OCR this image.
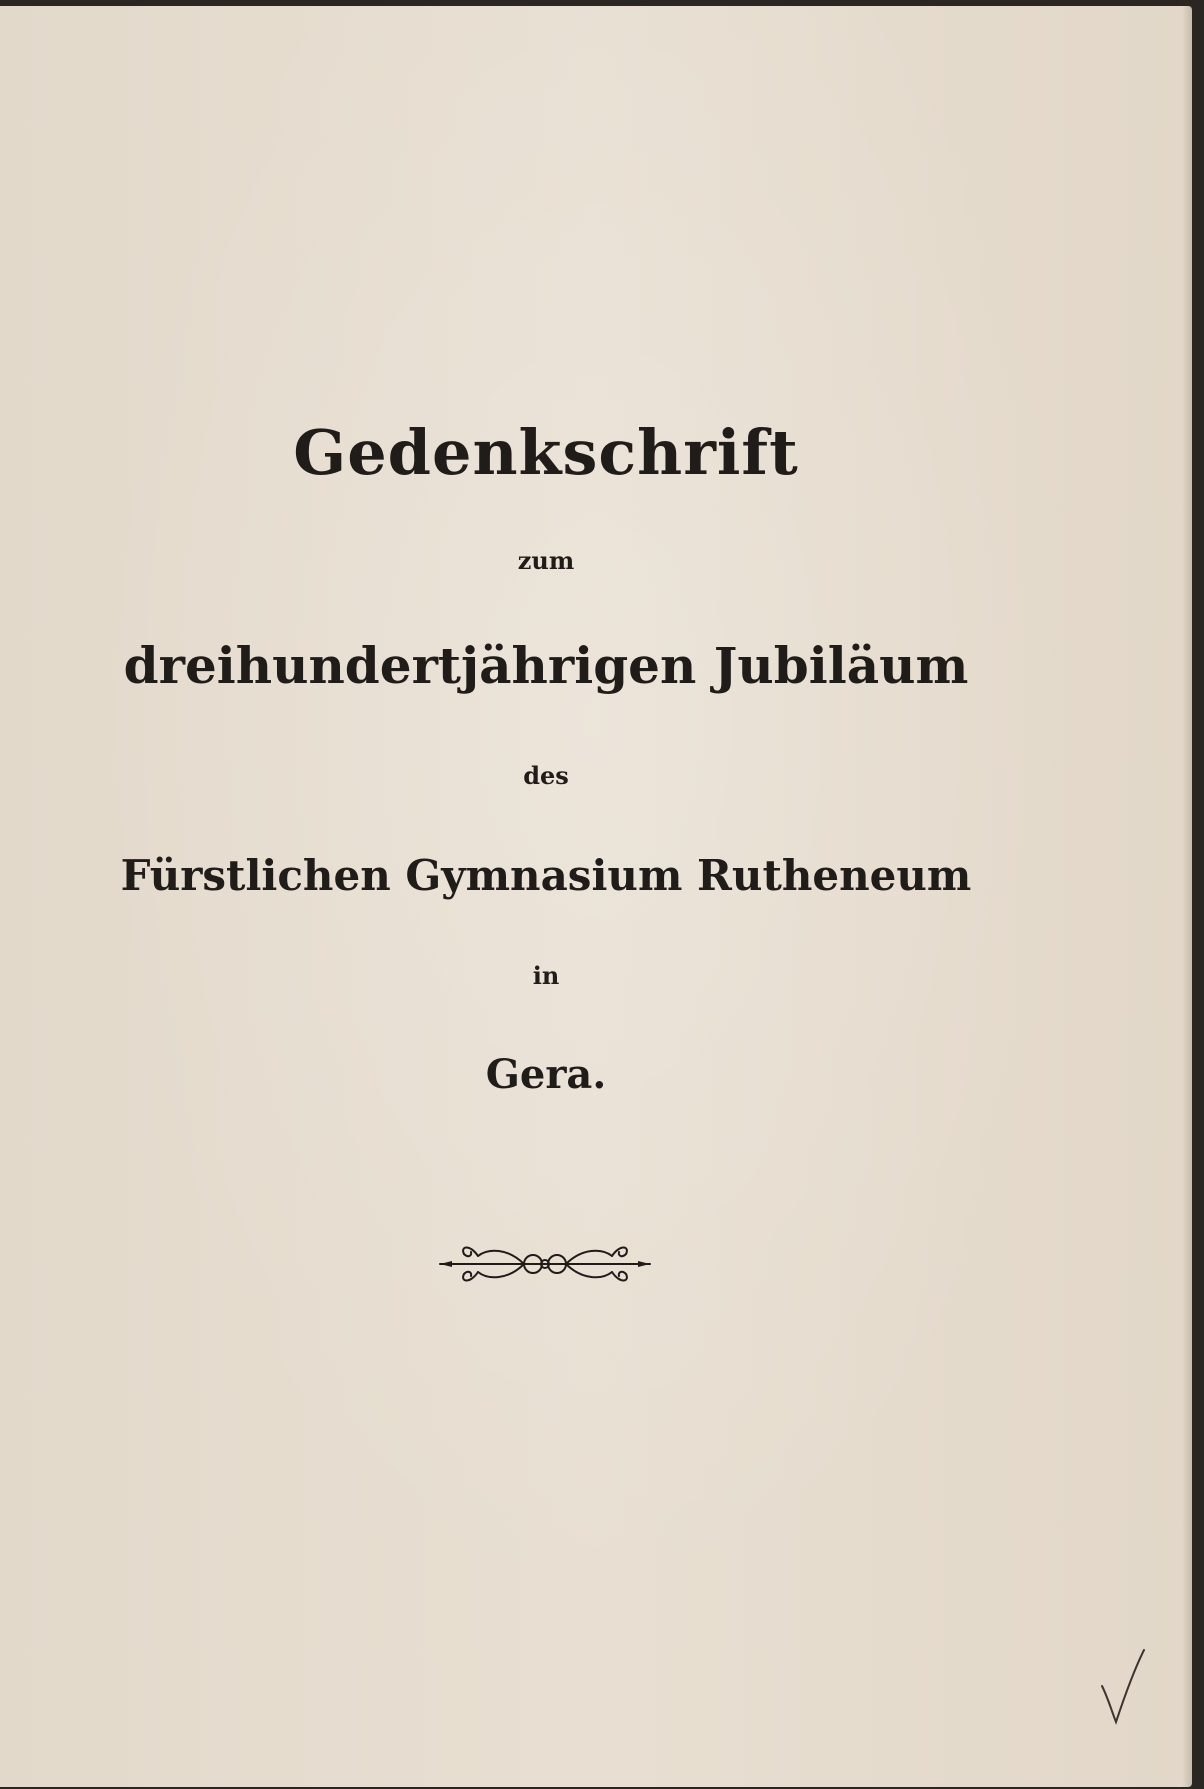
Gedenkschrift
zum
dreihundertjährigen Jubiläum
des
Fürstlichen Gymnasium Rutheneum
in
Gera.
